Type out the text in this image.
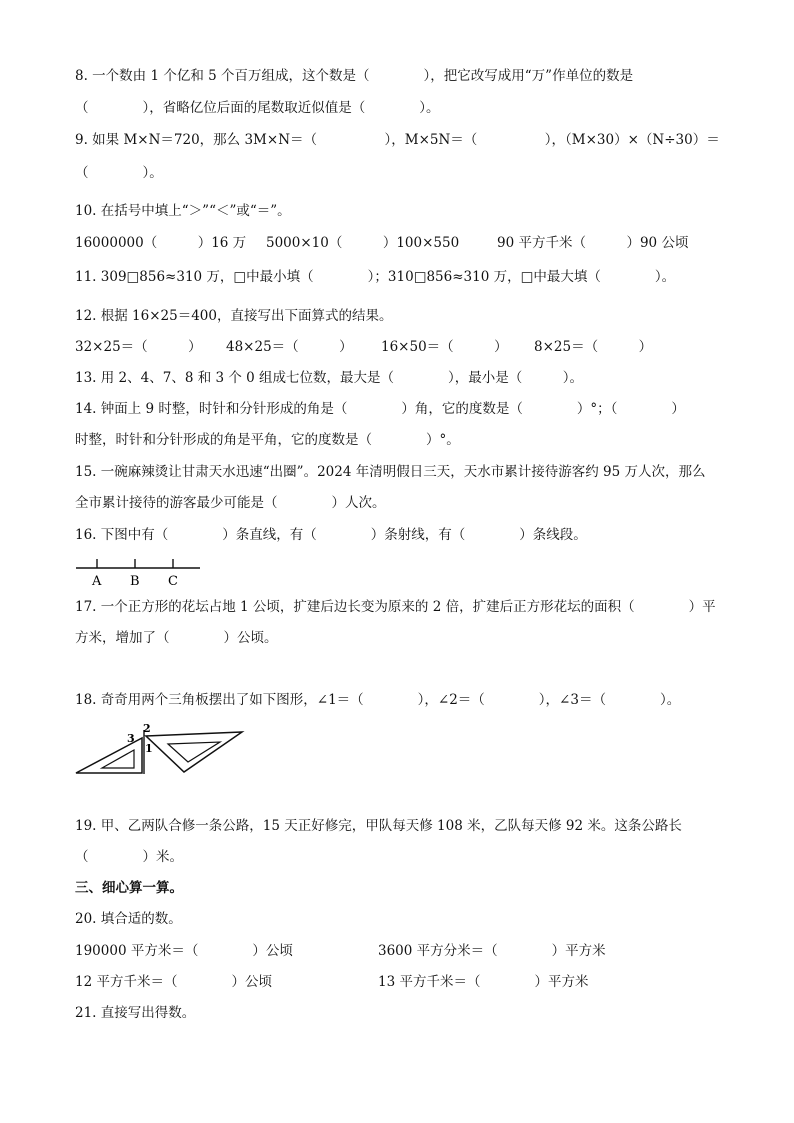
8. 一个数由 1 个亿和 5 个百万组成，这个数是（　　　　），把它改写成用“万”作单位的数是
（　　　　），省略亿位后面的尾数取近似值是（　　　　）。
9. 如果 M×N＝720，那么 3M×N＝（　　　　　），M×5N＝（　　　　　），（M×30）×（N÷30）＝
（　　　　）。
10. 在括号中填上“＞”“＜”或“＝”。
16000000（　　　）16 万 5000×10（　　　）100×550	90 平方千米（　　　）90 公顷
11. 309□856≈310 万，□中最小填（　　　　）；310□856≈310 万，□中最大填（　　　　）。
12. 根据 16×25＝400，直接写出下面算式的结果。
32×25＝（　　　） 48×25＝（　　　） 16×50＝（　　　） 8×25＝（　　　）
13. 用 2、4、7、8 和 3 个 0 组成七位数，最大是（　　　　），最小是（　　　）。
14. 钟面上 9 时整，时针和分针形成的角是（　　　　）角，它的度数是（　　　　）°；（　　　　）
时整，时针和分针形成的角是平角，它的度数是（　　　　）°。
15. 一碗麻辣烫让甘肃天水迅速“出圈”。2024 年清明假日三天，天水市累计接待游客约 95 万人次，那么
全市累计接待的游客最少可能是（　　　　）人次。
16. 下图中有（　　　　）条直线，有（　　　　）条射线，有（　　　　）条线段。
A B C
17. 一个正方形的花坛占地 1 公顷，扩建后边长变为原来的 2 倍，扩建后正方形花坛的面积（　　　　）平
方米，增加了（　　　　）公顷。
18. 奇奇用两个三角板摆出了如下图形，∠1＝（　　　　），∠2＝（　　　　），∠3＝（　　　　）。
2
3
1
19. 甲、乙两队合修一条公路，15 天正好修完，甲队每天修 108 米，乙队每天修 92 米。这条公路长
（　　　　）米。
三、细心算一算。
20. 填合适的数。
190000 平方米＝（　　　　）公顷	3600 平方分米＝（　　　　）平方米
12 平方千米＝（　　　　）公顷	13 平方千米＝（　　　　）平方米
21. 直接写出得数。
